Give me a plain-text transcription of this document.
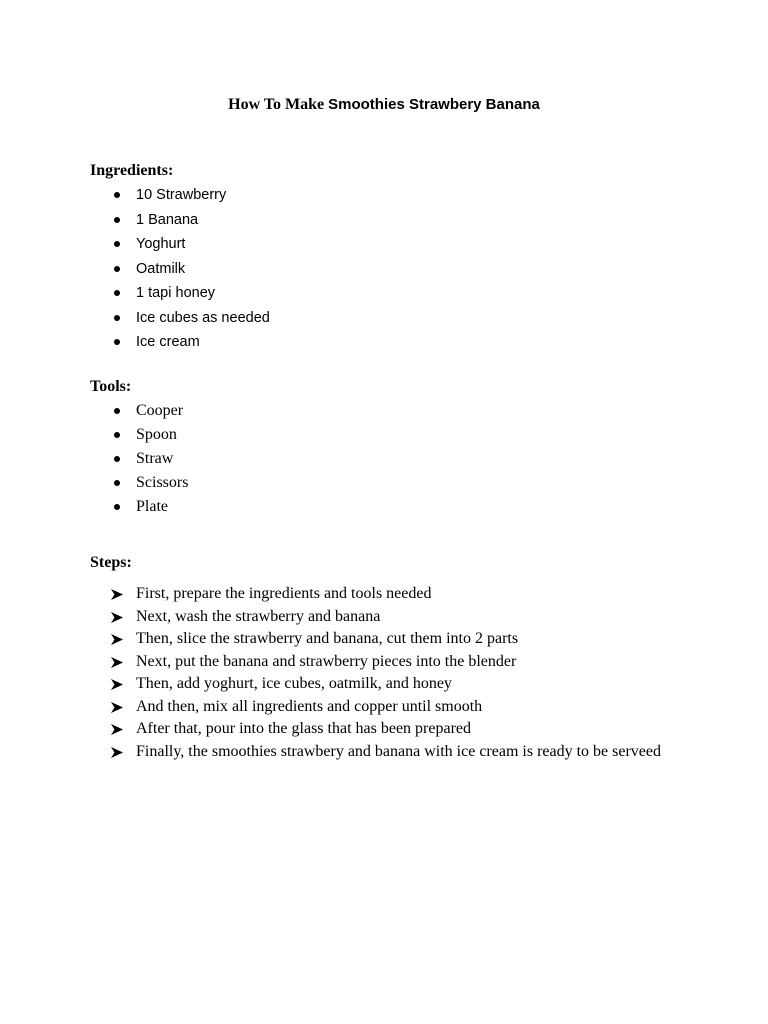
How To Make Smoothies Strawbery Banana
Ingredients:
10 Strawberry
1 Banana
Yoghurt
Oatmilk
1 tapi honey
Ice cubes as needed
Ice cream
Tools:
Cooper
Spoon
Straw
Scissors
Plate
Steps:
First, prepare the ingredients and tools needed
Next, wash the strawberry and banana
Then, slice the strawberry and banana, cut them into 2 parts
Next, put the banana and strawberry pieces into the blender
Then, add yoghurt, ice cubes, oatmilk, and honey
And then, mix all ingredients and copper until smooth
After that, pour into the glass that has been prepared
Finally, the smoothies strawbery and banana with ice cream is ready to be serveed
